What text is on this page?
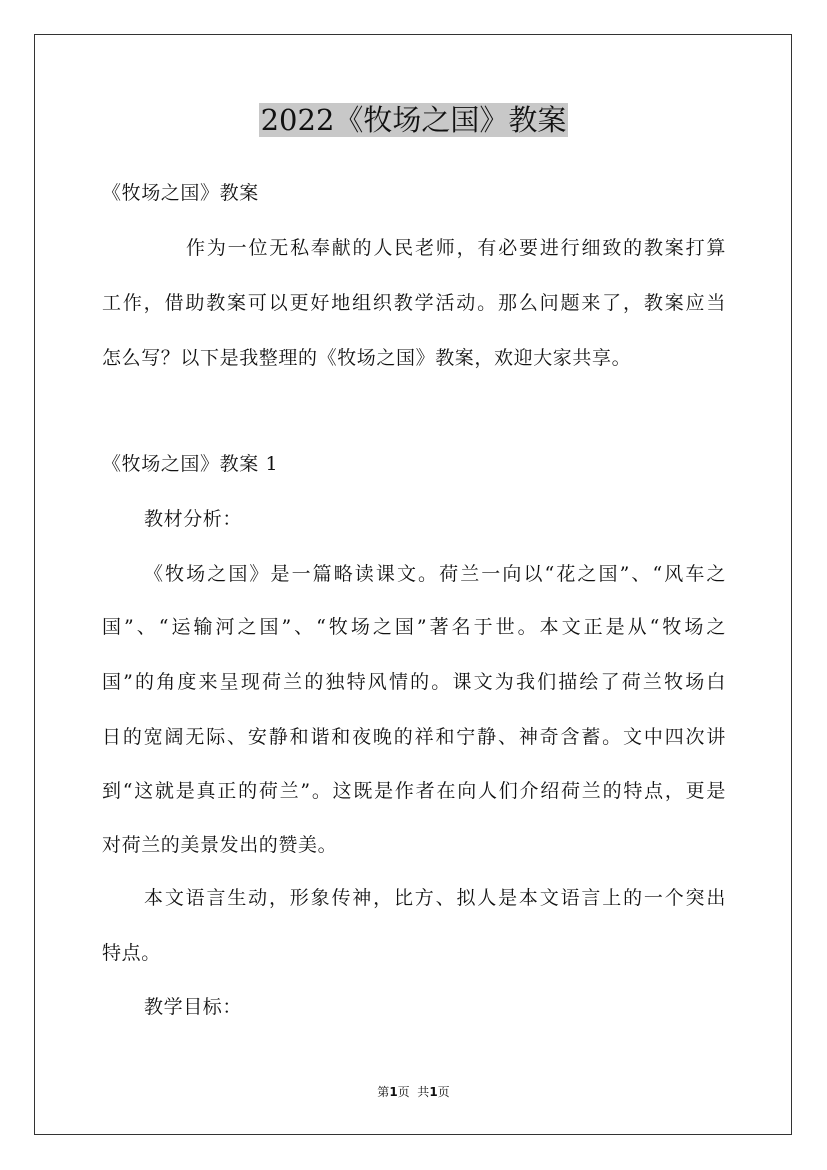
2022《牧场之国》教案
《牧场之国》教案
作为一位无私奉献的人民老师，有必要进行细致的教案打算
工作，借助教案可以更好地组织教学活动。那么问题来了，教案应当
怎么写？以下是我整理的《牧场之国》教案，欢迎大家共享。
《牧场之国》教案 1
教材分析：
《牧场之国》是一篇略读课文。荷兰一向以“花之国”、“风车之
国”、“运输河之国”、“牧场之国”著名于世。本文正是从“牧场之
国”的角度来呈现荷兰的独特风情的。课文为我们描绘了荷兰牧场白
日的宽阔无际、安静和谐和夜晚的祥和宁静、神奇含蓄。文中四次讲
到“这就是真正的荷兰”。这既是作者在向人们介绍荷兰的特点，更是
对荷兰的美景发出的赞美。
本文语言生动，形象传神，比方、拟人是本文语言上的一个突出
特点。
教学目标：
第1页  共1页
